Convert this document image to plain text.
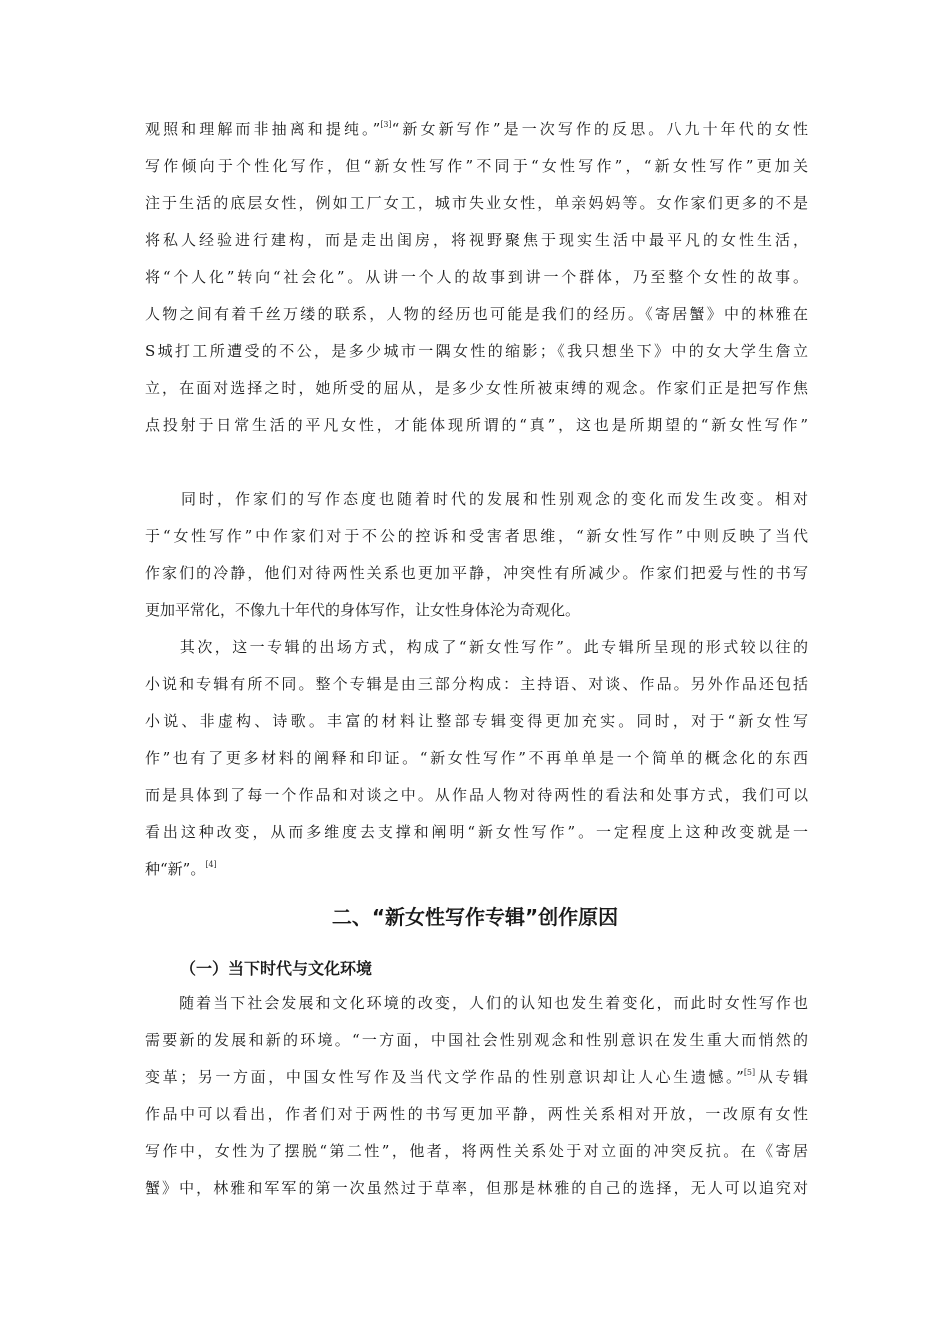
观照和理解而非抽离和提纯。”[3]“新女新写作”是一次写作的反思。八九十年代的女性
写作倾向于个性化写作，但“新女性写作”不同于“女性写作”，“新女性写作”更加关
注于生活的底层女性，例如工厂女工，城市失业女性，单亲妈妈等。女作家们更多的不是
将私人经验进行建构，而是走出闺房，将视野聚焦于现实生活中最平凡的女性生活，
将“个人化”转向“社会化”。从讲一个人的故事到讲一个群体，乃至整个女性的故事。
人物之间有着千丝万缕的联系，人物的经历也可能是我们的经历。《寄居蟹》中的林雅在
S城打工所遭受的不公，是多少城市一隅女性的缩影；《我只想坐下》中的女大学生詹立
立，在面对选择之时，她所受的屈从，是多少女性所被束缚的观念。作家们正是把写作焦
点投射于日常生活的平凡女性，才能体现所谓的“真”，这也是所期望的“新女性写作”
　　同时，作家们的写作态度也随着时代的发展和性别观念的变化而发生改变。相对
于“女性写作”中作家们对于不公的控诉和受害者思维，“新女性写作”中则反映了当代
作家们的冷静，他们对待两性关系也更加平静，冲突性有所减少。作家们把爱与性的书写
更加平常化，不像九十年代的身体写作，让女性身体沦为奇观化。
　　其次，这一专辑的出场方式，构成了“新女性写作”。此专辑所呈现的形式较以往的
小说和专辑有所不同。整个专辑是由三部分构成：主持语、对谈、作品。另外作品还包括
小说、非虚构、诗歌。丰富的材料让整部专辑变得更加充实。同时，对于“新女性写
作”也有了更多材料的阐释和印证。“新女性写作”不再单单是一个简单的概念化的东西
而是具体到了每一个作品和对谈之中。从作品人物对待两性的看法和处事方式，我们可以
看出这种改变，从而多维度去支撑和阐明“新女性写作”。一定程度上这种改变就是一
种“新”。[4]
二、“新女性写作专辑”创作原因
（一）当下时代与文化环境
　　随着当下社会发展和文化环境的改变，人们的认知也发生着变化，而此时女性写作也
需要新的发展和新的环境。“一方面，中国社会性别观念和性别意识在发生重大而悄然的
变革；另一方面，中国女性写作及当代文学作品的性别意识却让人心生遗憾。”[5]从专辑
作品中可以看出，作者们对于两性的书写更加平静，两性关系相对开放，一改原有女性
写作中，女性为了摆脱“第二性”，他者，将两性关系处于对立面的冲突反抗。在《寄居
蟹》中，林雅和军军的第一次虽然过于草率，但那是林雅的自己的选择，无人可以追究对
